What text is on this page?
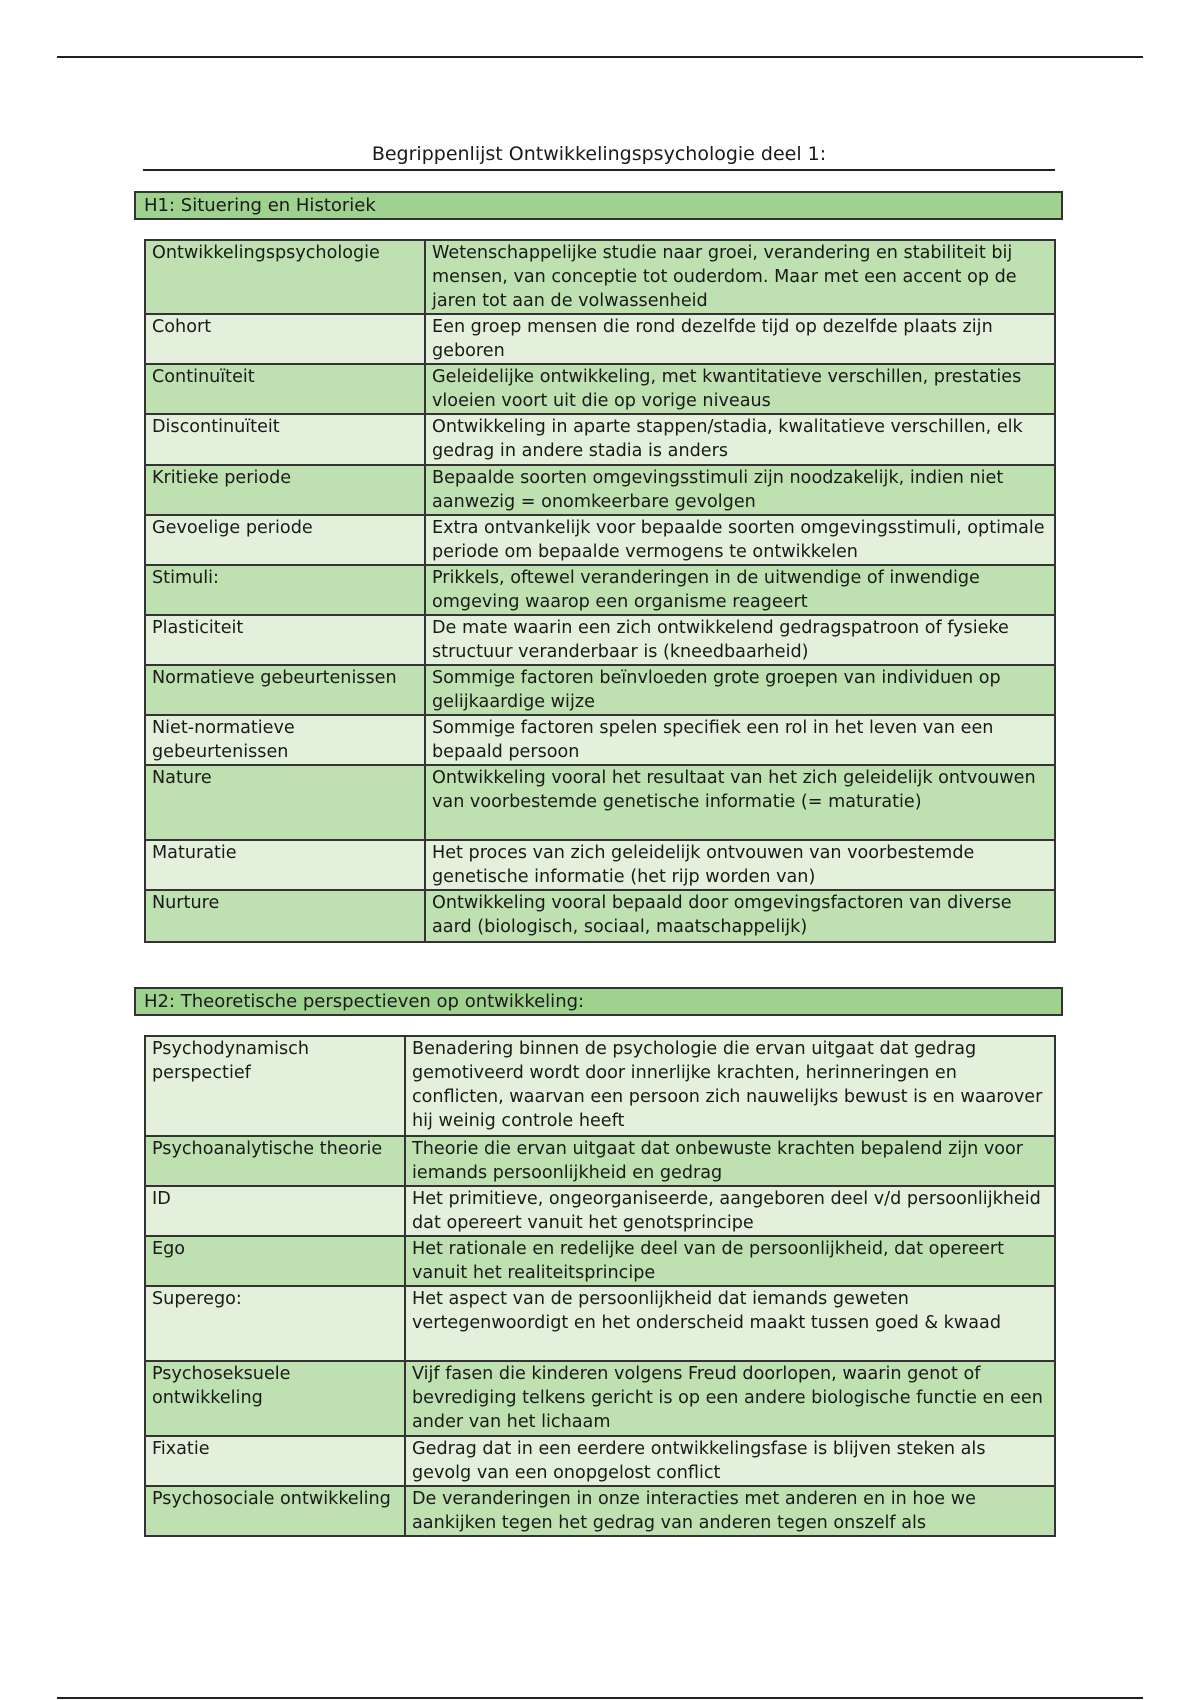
Begrippenlijst Ontwikkelingspsychologie deel 1:
H1: Situering en Historiek
Ontwikkelingspsychologie	Wetenschappelijke studie naar groei, verandering en stabiliteit bij mensen, van conceptie tot ouderdom. Maar met een accent op de jaren tot aan de volwassenheid
Cohort	Een groep mensen die rond dezelfde tijd op dezelfde plaats zijn geboren
Continuïteit	Geleidelijke ontwikkeling, met kwantitatieve verschillen, prestaties vloeien voort uit die op vorige niveaus
Discontinuïteit	Ontwikkeling in aparte stappen/stadia, kwalitatieve verschillen, elk gedrag in andere stadia is anders
Kritieke periode	Bepaalde soorten omgevingsstimuli zijn noodzakelijk, indien niet aanwezig = onomkeerbare gevolgen
Gevoelige periode	Extra ontvankelijk voor bepaalde soorten omgevingsstimuli, optimale periode om bepaalde vermogens te ontwikkelen
Stimuli:	Prikkels, oftewel veranderingen in de uitwendige of inwendige omgeving waarop een organisme reageert
Plasticiteit	De mate waarin een zich ontwikkelend gedragspatroon of fysieke structuur veranderbaar is (kneedbaarheid)
Normatieve gebeurtenissen	Sommige factoren beïnvloeden grote groepen van individuen op gelijkaardige wijze
Niet-normatieve gebeurtenissen	Sommige factoren spelen specifiek een rol in het leven van een bepaald persoon
Nature	Ontwikkeling vooral het resultaat van het zich geleidelijk ontvouwen van voorbestemde genetische informatie (= maturatie)
Maturatie	Het proces van zich geleidelijk ontvouwen van voorbestemde genetische informatie (het rijp worden van)
Nurture	Ontwikkeling vooral bepaald door omgevingsfactoren van diverse aard (biologisch, sociaal, maatschappelijk)
H2: Theoretische perspectieven op ontwikkeling:
Psychodynamisch perspectief	Benadering binnen de psychologie die ervan uitgaat dat gedrag gemotiveerd wordt door innerlijke krachten, herinneringen en conflicten, waarvan een persoon zich nauwelijks bewust is en waarover hij weinig controle heeft
Psychoanalytische theorie	Theorie die ervan uitgaat dat onbewuste krachten bepalend zijn voor iemands persoonlijkheid en gedrag
ID	Het primitieve, ongeorganiseerde, aangeboren deel v/d persoonlijkheid dat opereert vanuit het genotsprincipe
Ego	Het rationale en redelijke deel van de persoonlijkheid, dat opereert vanuit het realiteitsprincipe
Superego:	Het aspect van de persoonlijkheid dat iemands geweten vertegenwoordigt en het onderscheid maakt tussen goed & kwaad
Psychoseksuele ontwikkeling	Vijf fasen die kinderen volgens Freud doorlopen, waarin genot of bevrediging telkens gericht is op een andere biologische functie en een ander van het lichaam
Fixatie	Gedrag dat in een eerdere ontwikkelingsfase is blijven steken als gevolg van een onopgelost conflict
Psychosociale ontwikkeling	De veranderingen in onze interacties met anderen en in hoe we aankijken tegen het gedrag van anderen tegen onszelf als
